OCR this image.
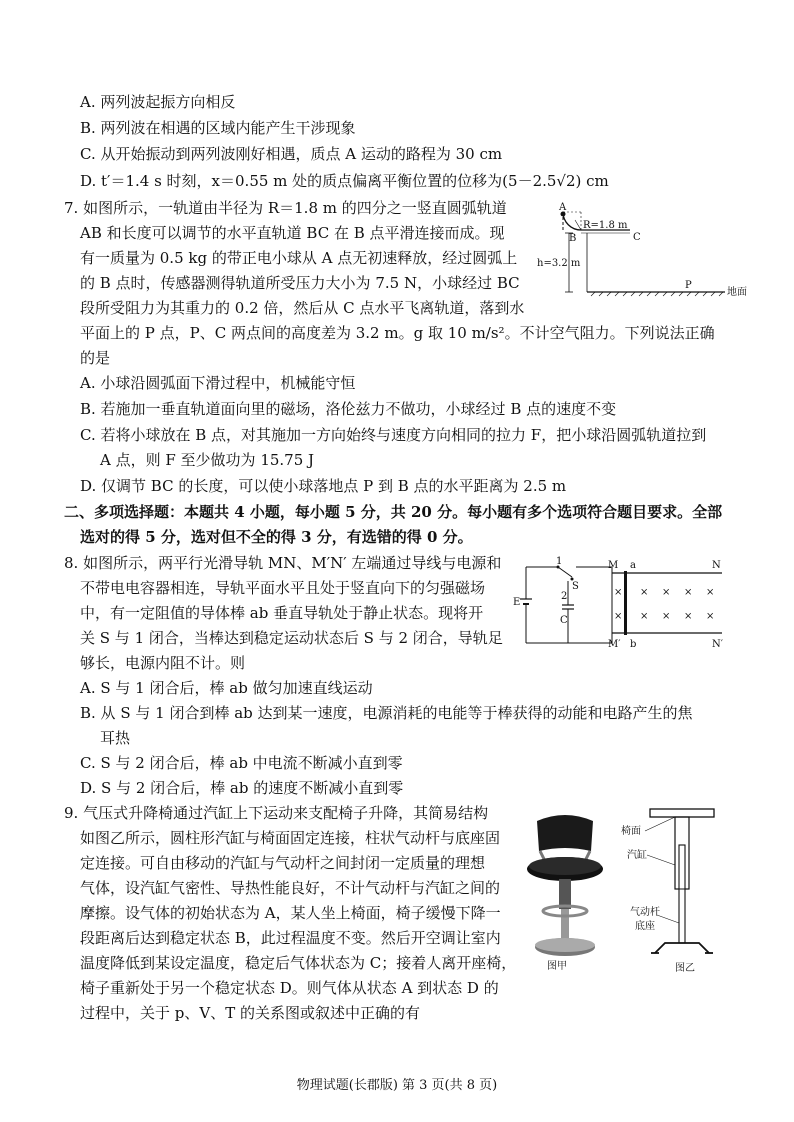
A. 两列波起振方向相反
B. 两列波在相遇的区域内能产生干涉现象
C. 从开始振动到两列波刚好相遇，质点 A 运动的路程为 30 cm
D. t′＝1.4 s 时刻，x＝0.55 m 处的质点偏离平衡位置的位移为(5－2.5√2) cm
7. 如图所示，一轨道由半径为 R＝1.8 m 的四分之一竖直圆弧轨道
AB 和长度可以调节的水平直轨道 BC 在 B 点平滑连接而成。现
有一质量为 0.5 kg 的带正电小球从 A 点无初速释放，经过圆弧上
的 B 点时，传感器测得轨道所受压力大小为 7.5 N，小球经过 BC
段所受阻力为其重力的 0.2 倍，然后从 C 点水平飞离轨道，落到水
平面上的 P 点，P、C 两点间的高度差为 3.2 m。g 取 10 m/s²。不计空气阻力。下列说法正确
的是
A. 小球沿圆弧面下滑过程中，机械能守恒
B. 若施加一垂直轨道面向里的磁场，洛伦兹力不做功，小球经过 B 点的速度不变
C. 若将小球放在 B 点，对其施加一方向始终与速度方向相同的拉力 F，把小球沿圆弧轨道拉到
A 点，则 F 至少做功为 15.75 J
D. 仅调节 BC 的长度，可以使小球落地点 P 到 B 点的水平距离为 2.5 m
A
B	C
R=1.8 m
h=3.2 m
P
地面
二、多项选择题：本题共 4 小题，每小题 5 分，共 20 分。每小题有多个选项符合题目要求。全部
选对的得 5 分，选对但不全的得 3 分，有选错的得 0 分。
8. 如图所示，两平行光滑导轨 MN、M′N′ 左端通过导线与电源和
不带电电容器相连，导轨平面水平且处于竖直向下的匀强磁场
中，有一定阻值的导体棒 ab 垂直导轨处于静止状态。现将开
关 S 与 1 闭合，当棒达到稳定运动状态后 S 与 2 闭合，导轨足
够长，电源内阻不计。则
A. S 与 1 闭合后，棒 ab 做匀加速直线运动
B. 从 S 与 1 闭合到棒 ab 达到某一速度，电源消耗的电能等于棒获得的动能和电路产生的焦
耳热
C. S 与 2 闭合后，棒 ab 中电流不断减小直到零
D. S 与 2 闭合后，棒 ab 的速度不断减小直到零
E
1
S
2
C
M
M′
a
b
N
N′
×
×
× × × ×
× × × ×
9. 气压式升降椅通过汽缸上下运动来支配椅子升降，其简易结构
如图乙所示，圆柱形汽缸与椅面固定连接，柱状气动杆与底座固
定连接。可自由移动的汽缸与气动杆之间封闭一定质量的理想
气体，设汽缸气密性、导热性能良好，不计气动杆与汽缸之间的
摩擦。设气体的初始状态为 A，某人坐上椅面，椅子缓慢下降一
段距离后达到稳定状态 B，此过程温度不变。然后开空调让室内
温度降低到某设定温度，稳定后气体状态为 C；接着人离开座椅，
椅子重新处于另一个稳定状态 D。则气体从状态 A 到状态 D 的
过程中，关于 p、V、T 的关系图或叙述中正确的有
图甲
椅面
汽缸
气动杆
底座
图乙
物理试题(长郡版) 第 3 页(共 8 页)
